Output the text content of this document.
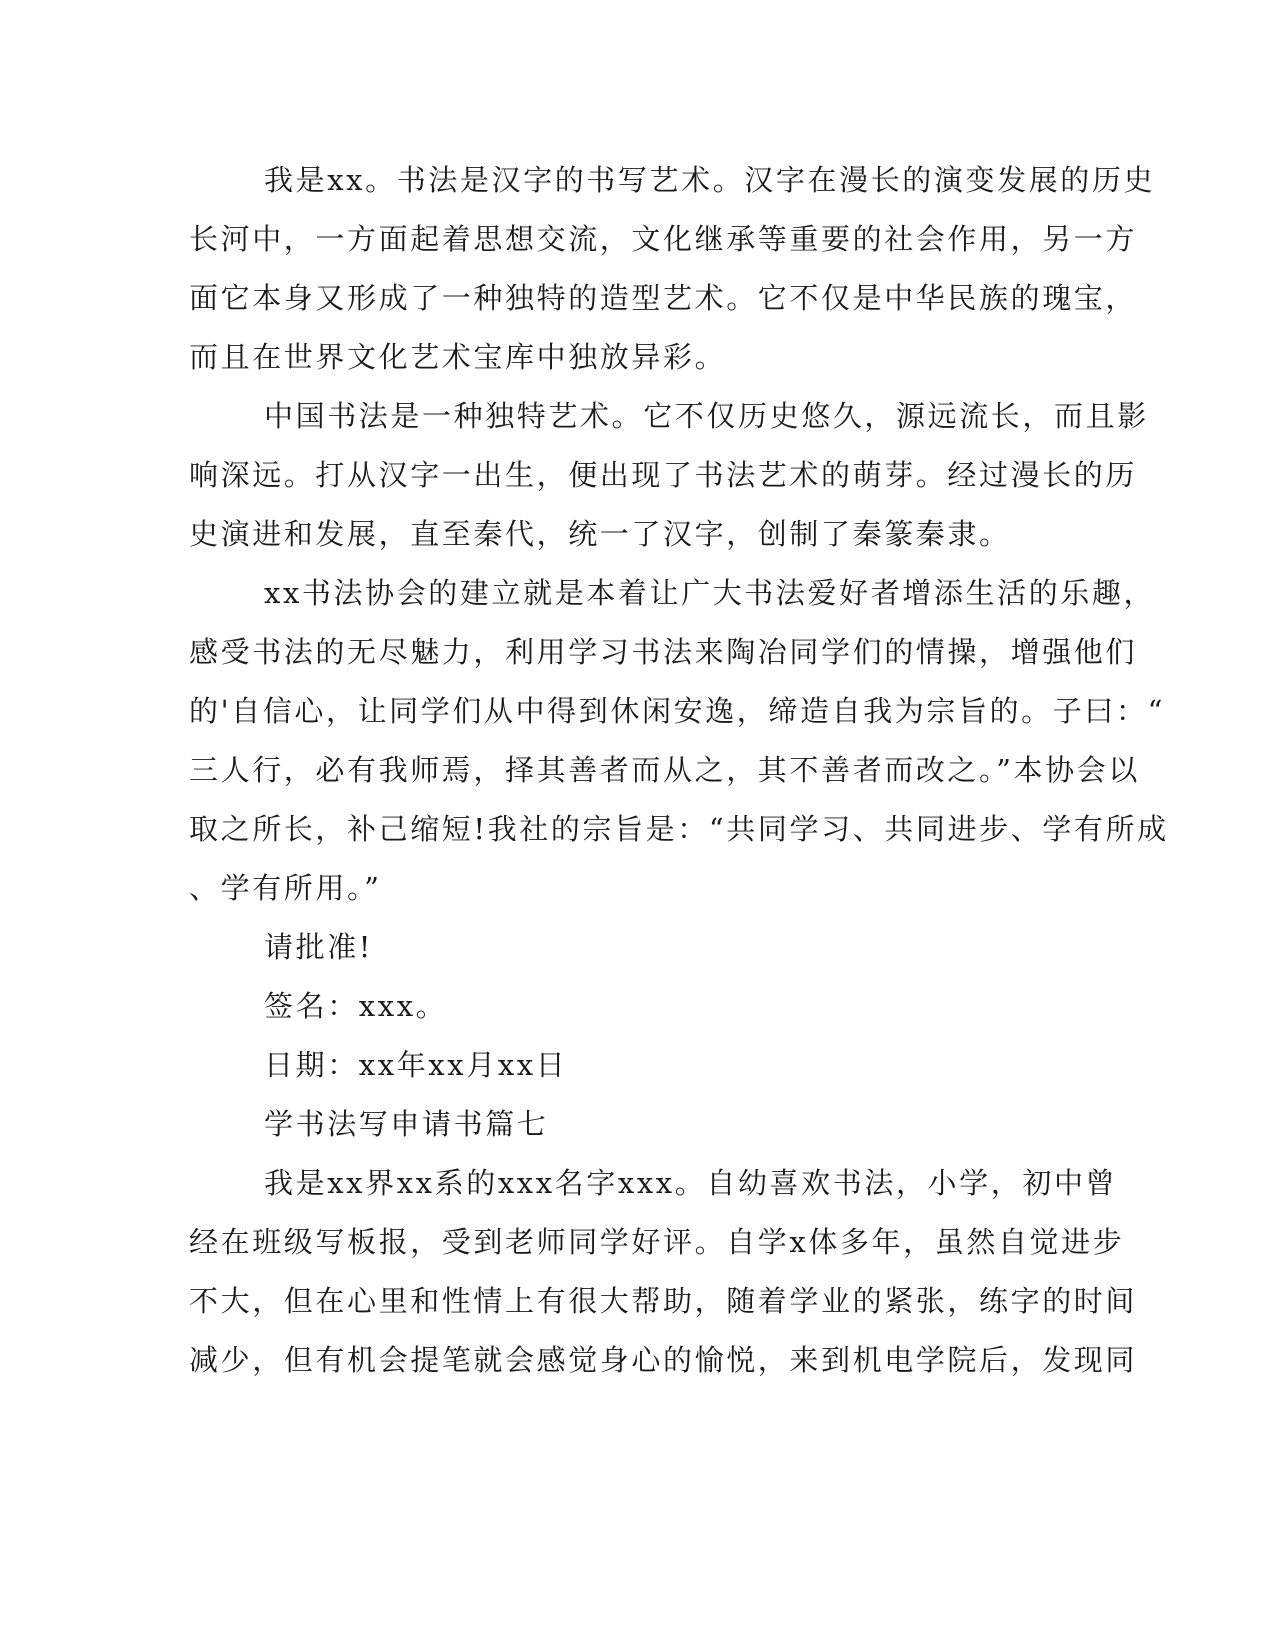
我是xx。书法是汉字的书写艺术。汉字在漫长的演变发展的历史

长河中，一方面起着思想交流，文化继承等重要的社会作用，另一方

面它本身又形成了一种独特的造型艺术。它不仅是中华民族的瑰宝，

而且在世界文化艺术宝库中独放异彩。

中国书法是一种独特艺术。它不仅历史悠久，源远流长，而且影

响深远。打从汉字一出生，便出现了书法艺术的萌芽。经过漫长的历

史演进和发展，直至秦代，统一了汉字，创制了秦篆秦隶。

xx书法协会的建立就是本着让广大书法爱好者增添生活的乐趣，

感受书法的无尽魅力，利用学习书法来陶冶同学们的情操，增强他们

的'自信心，让同学们从中得到休闲安逸，缔造自我为宗旨的。子曰：“

三人行，必有我师焉，择其善者而从之，其不善者而改之。”本协会以

取之所长，补己缩短!我社的宗旨是：“共同学习、共同进步、学有所成

、学有所用。”

请批准!

签名：xxx。

日期：xx年xx月xx日

学书法写申请书篇七

我是xx界xx系的xxx名字xxx。自幼喜欢书法，小学，初中曾

经在班级写板报，受到老师同学好评。自学x体多年，虽然自觉进步

不大，但在心里和性情上有很大帮助，随着学业的紧张，练字的时间

减少，但有机会提笔就会感觉身心的愉悦，来到机电学院后，发现同
